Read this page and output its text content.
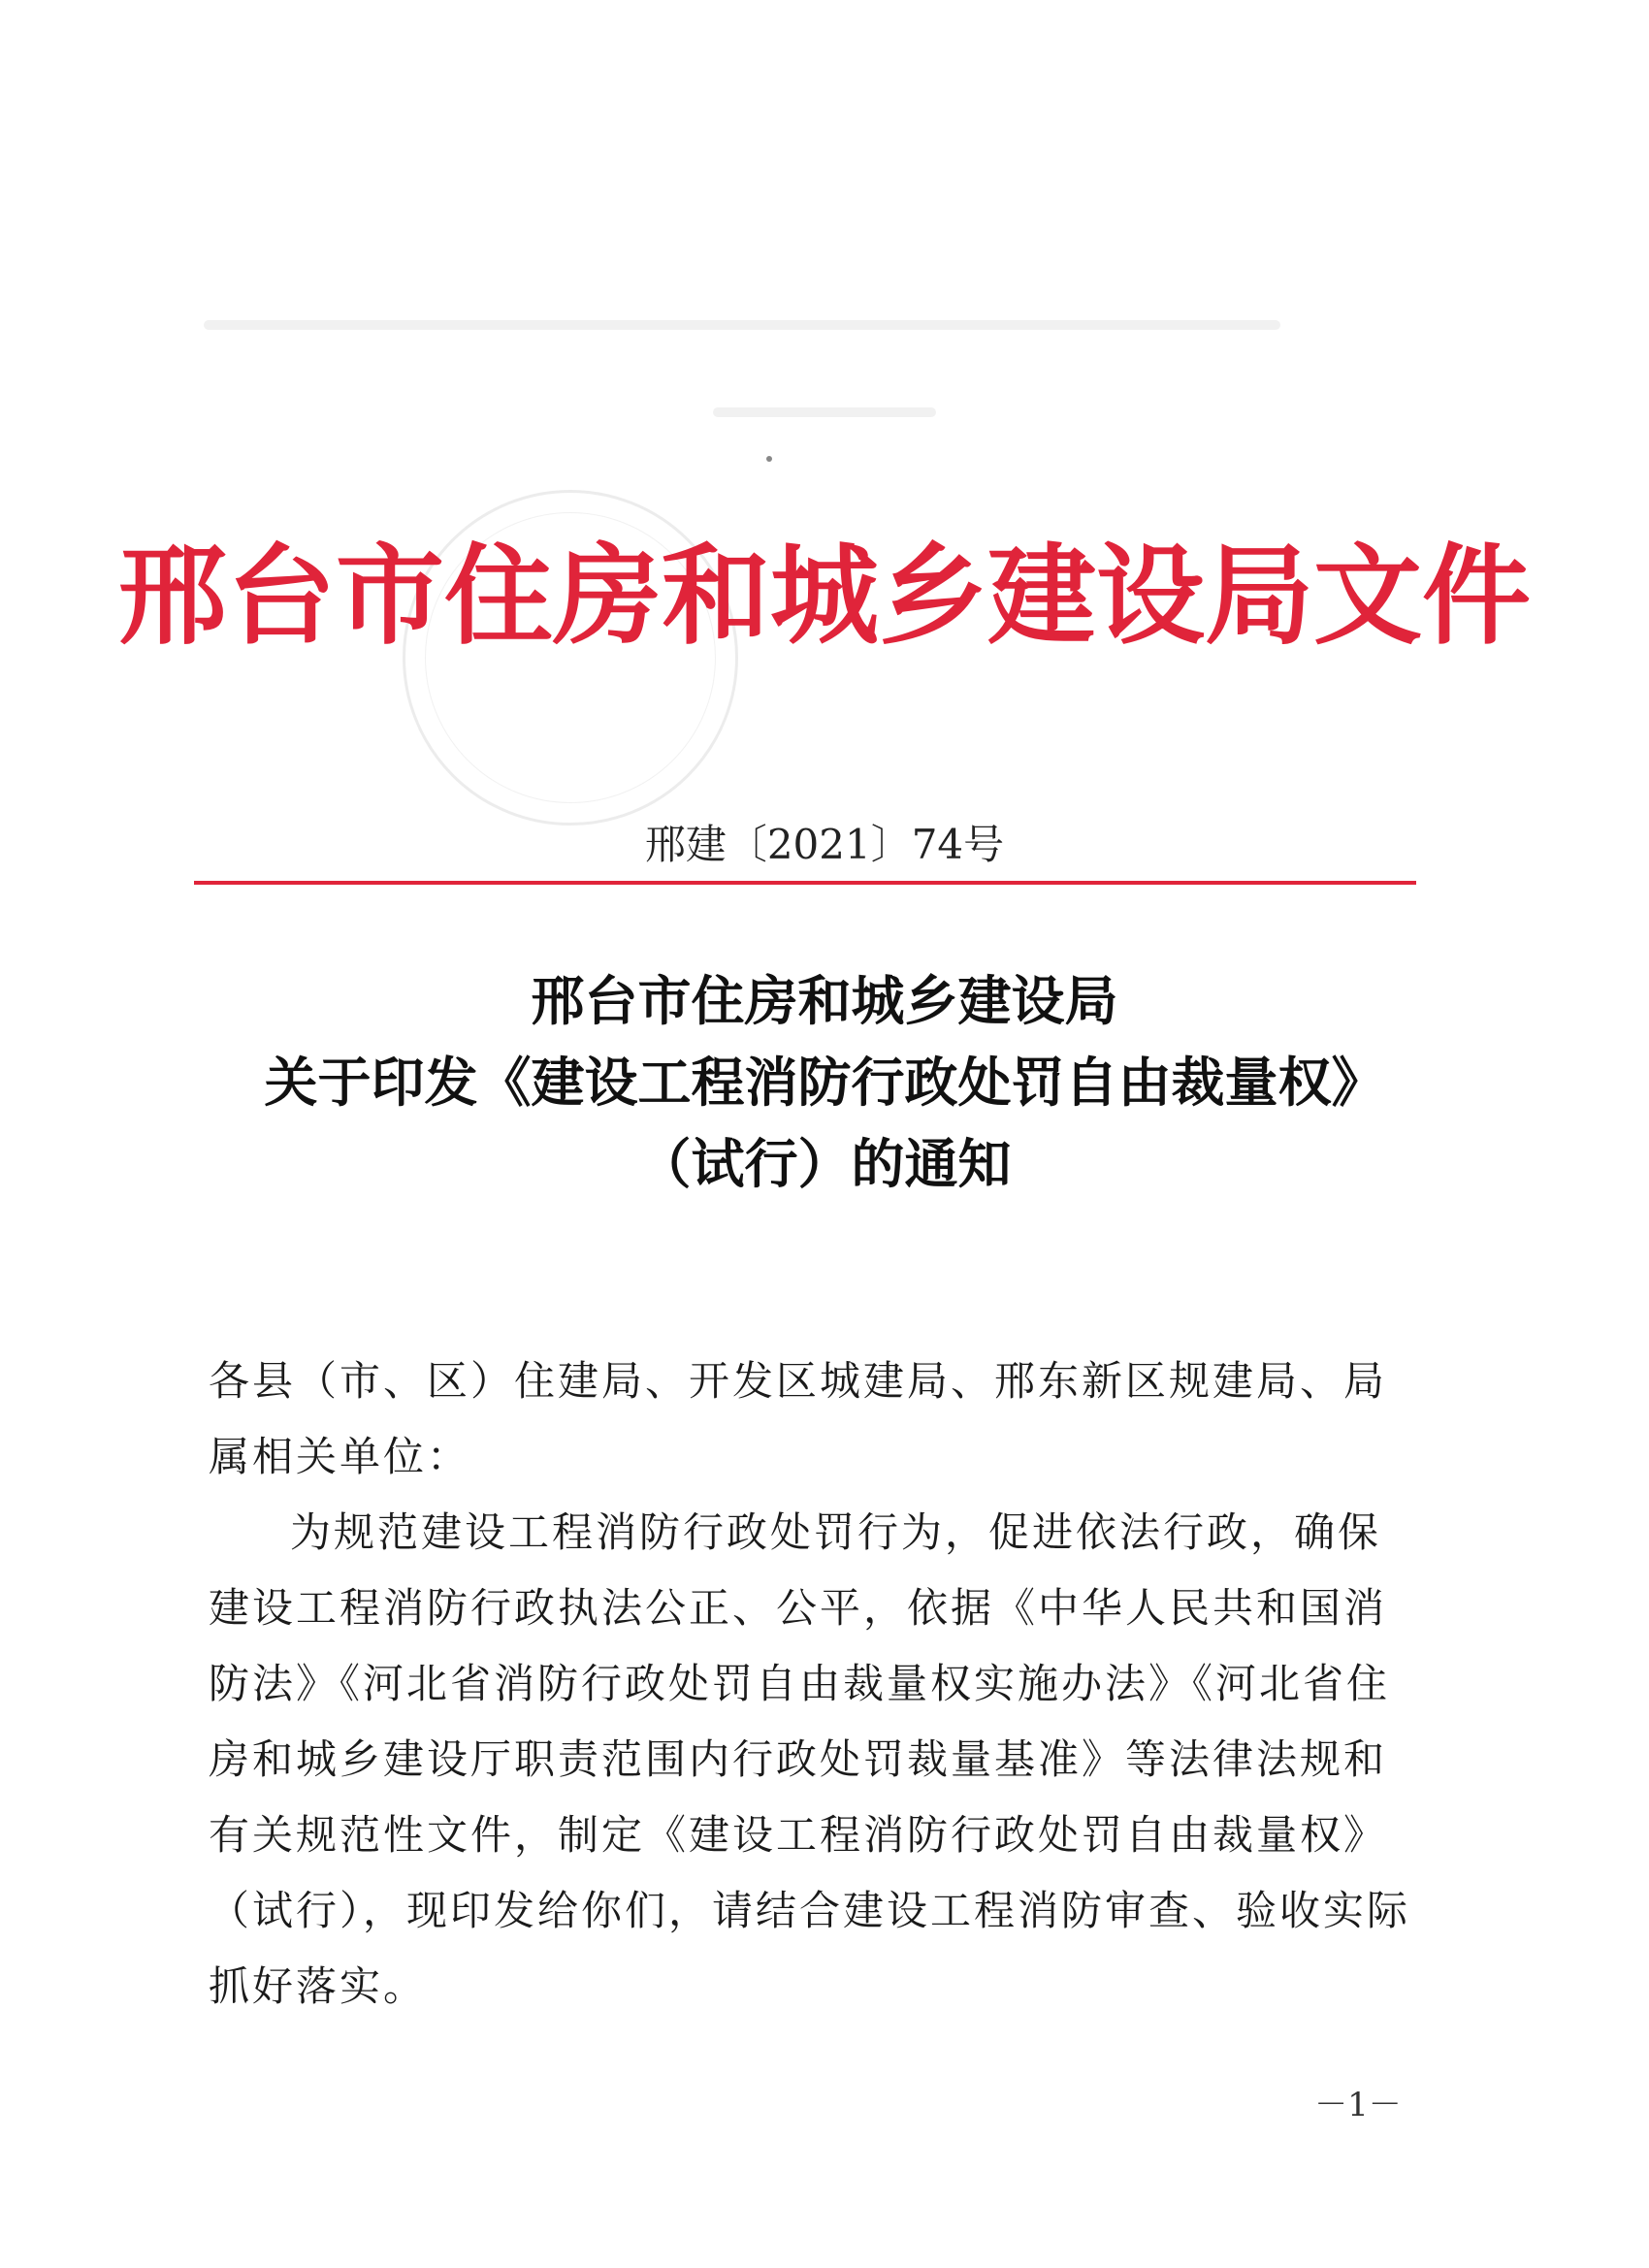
邢台市住房和城乡建设局文件
邢建〔2021〕74号
邢台市住房和城乡建设局
关于印发《建设工程消防行政处罚自由裁量权》
（试行）的通知

各县（市、区）住建局、开发区城建局、邢东新区规建局、局属相关单位：

为规范建设工程消防行政处罚行为，促进依法行政，确保建设工程消防行政执法公正、公平，依据《中华人民共和国消防法》《河北省消防行政处罚自由裁量权实施办法》《河北省住房和城乡建设厅职责范围内行政处罚裁量基准》等法律法规和有关规范性文件，制定《建设工程消防行政处罚自由裁量权》（试行），现印发给你们，请结合建设工程消防审查、验收实际抓好落实。

－1－
